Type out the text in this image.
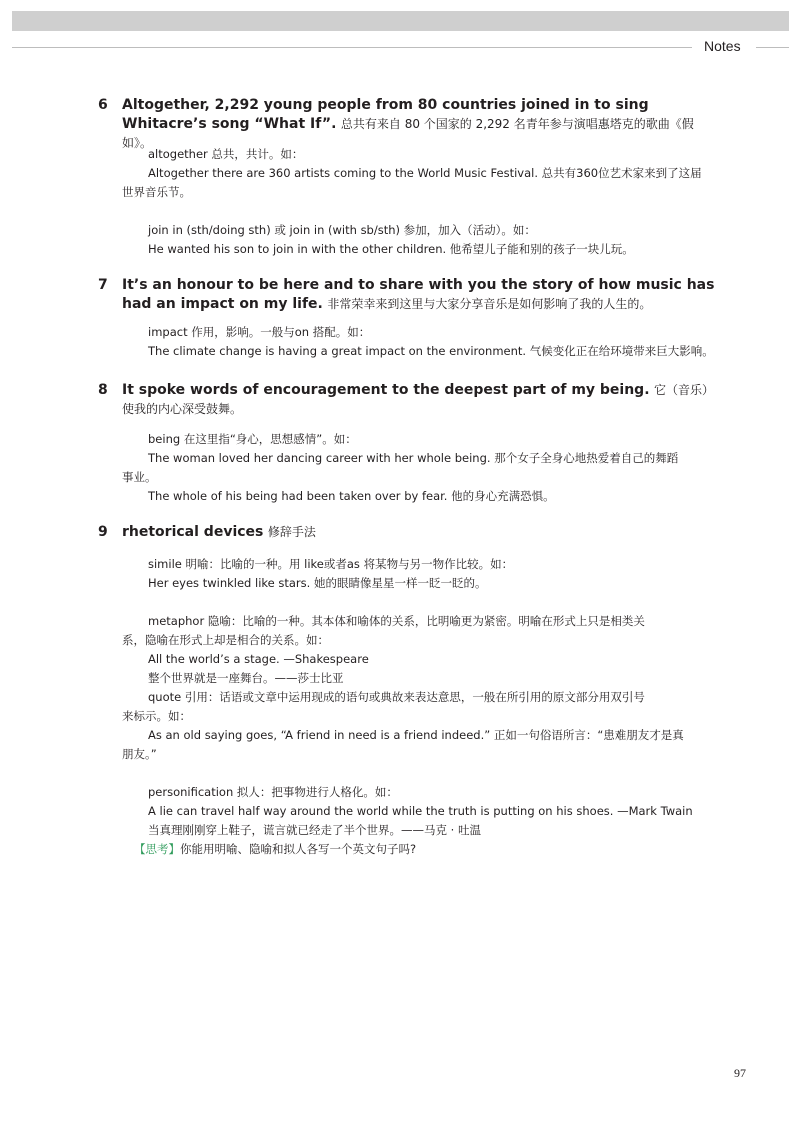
Notes
6	Altogether, 2,292 young people from 80 countries joined in to sing Whitacre’s song “What If”. 总共有来自 80 个国家的 2,292 名青年参与演唱惠塔克的歌曲《假如》。
altogether 总共，共计。如：
Altogether there are 360 artists coming to the World Music Festival. 总共有360位艺术家来到了这届
世界音乐节。
join in (sth/doing sth) 或 join in (with sb/sth) 参加，加入（活动）。如：
He wanted his son to join in with the other children. 他希望儿子能和别的孩子一块儿玩。
7	It’s an honour to be here and to share with you the story of how music has had an impact on my life. 非常荣幸来到这里与大家分享音乐是如何影响了我的人生的。
impact 作用，影响。一般与on 搭配。如：
The climate change is having a great impact on the environment. 气候变化正在给环境带来巨大影响。
8	It spoke words of encouragement to the deepest part of my being. 它（音乐）使我的内心深受鼓舞。
being 在这里指“身心，思想感情”。如：
The woman loved her dancing career with her whole being. 那个女子全身心地热爱着自己的舞蹈
事业。
The whole of his being had been taken over by fear. 他的身心充满恐惧。
9	rhetorical devices 修辞手法
simile 明喻：比喻的一种。用 like或者as 将某物与另一物作比较。如：
Her eyes twinkled like stars. 她的眼睛像星星一样一眨一眨的。
metaphor 隐喻：比喻的一种。其本体和喻体的关系，比明喻更为紧密。明喻在形式上只是相类关
系，隐喻在形式上却是相合的关系。如：
All the world’s a stage. —Shakespeare
整个世界就是一座舞台。——莎士比亚
quote 引用：话语或文章中运用现成的语句或典故来表达意思，一般在所引用的原文部分用双引号
来标示。如：
As an old saying goes, “A friend in need is a friend indeed.” 正如一句俗语所言：“患难朋友才是真
朋友。”
personification 拟人：把事物进行人格化。如：
A lie can travel half way around the world while the truth is putting on his shoes. —Mark Twain
当真理刚刚穿上鞋子，谎言就已经走了半个世界。——马克 · 吐温
【思考】你能用明喻、隐喻和拟人各写一个英文句子吗?
97
